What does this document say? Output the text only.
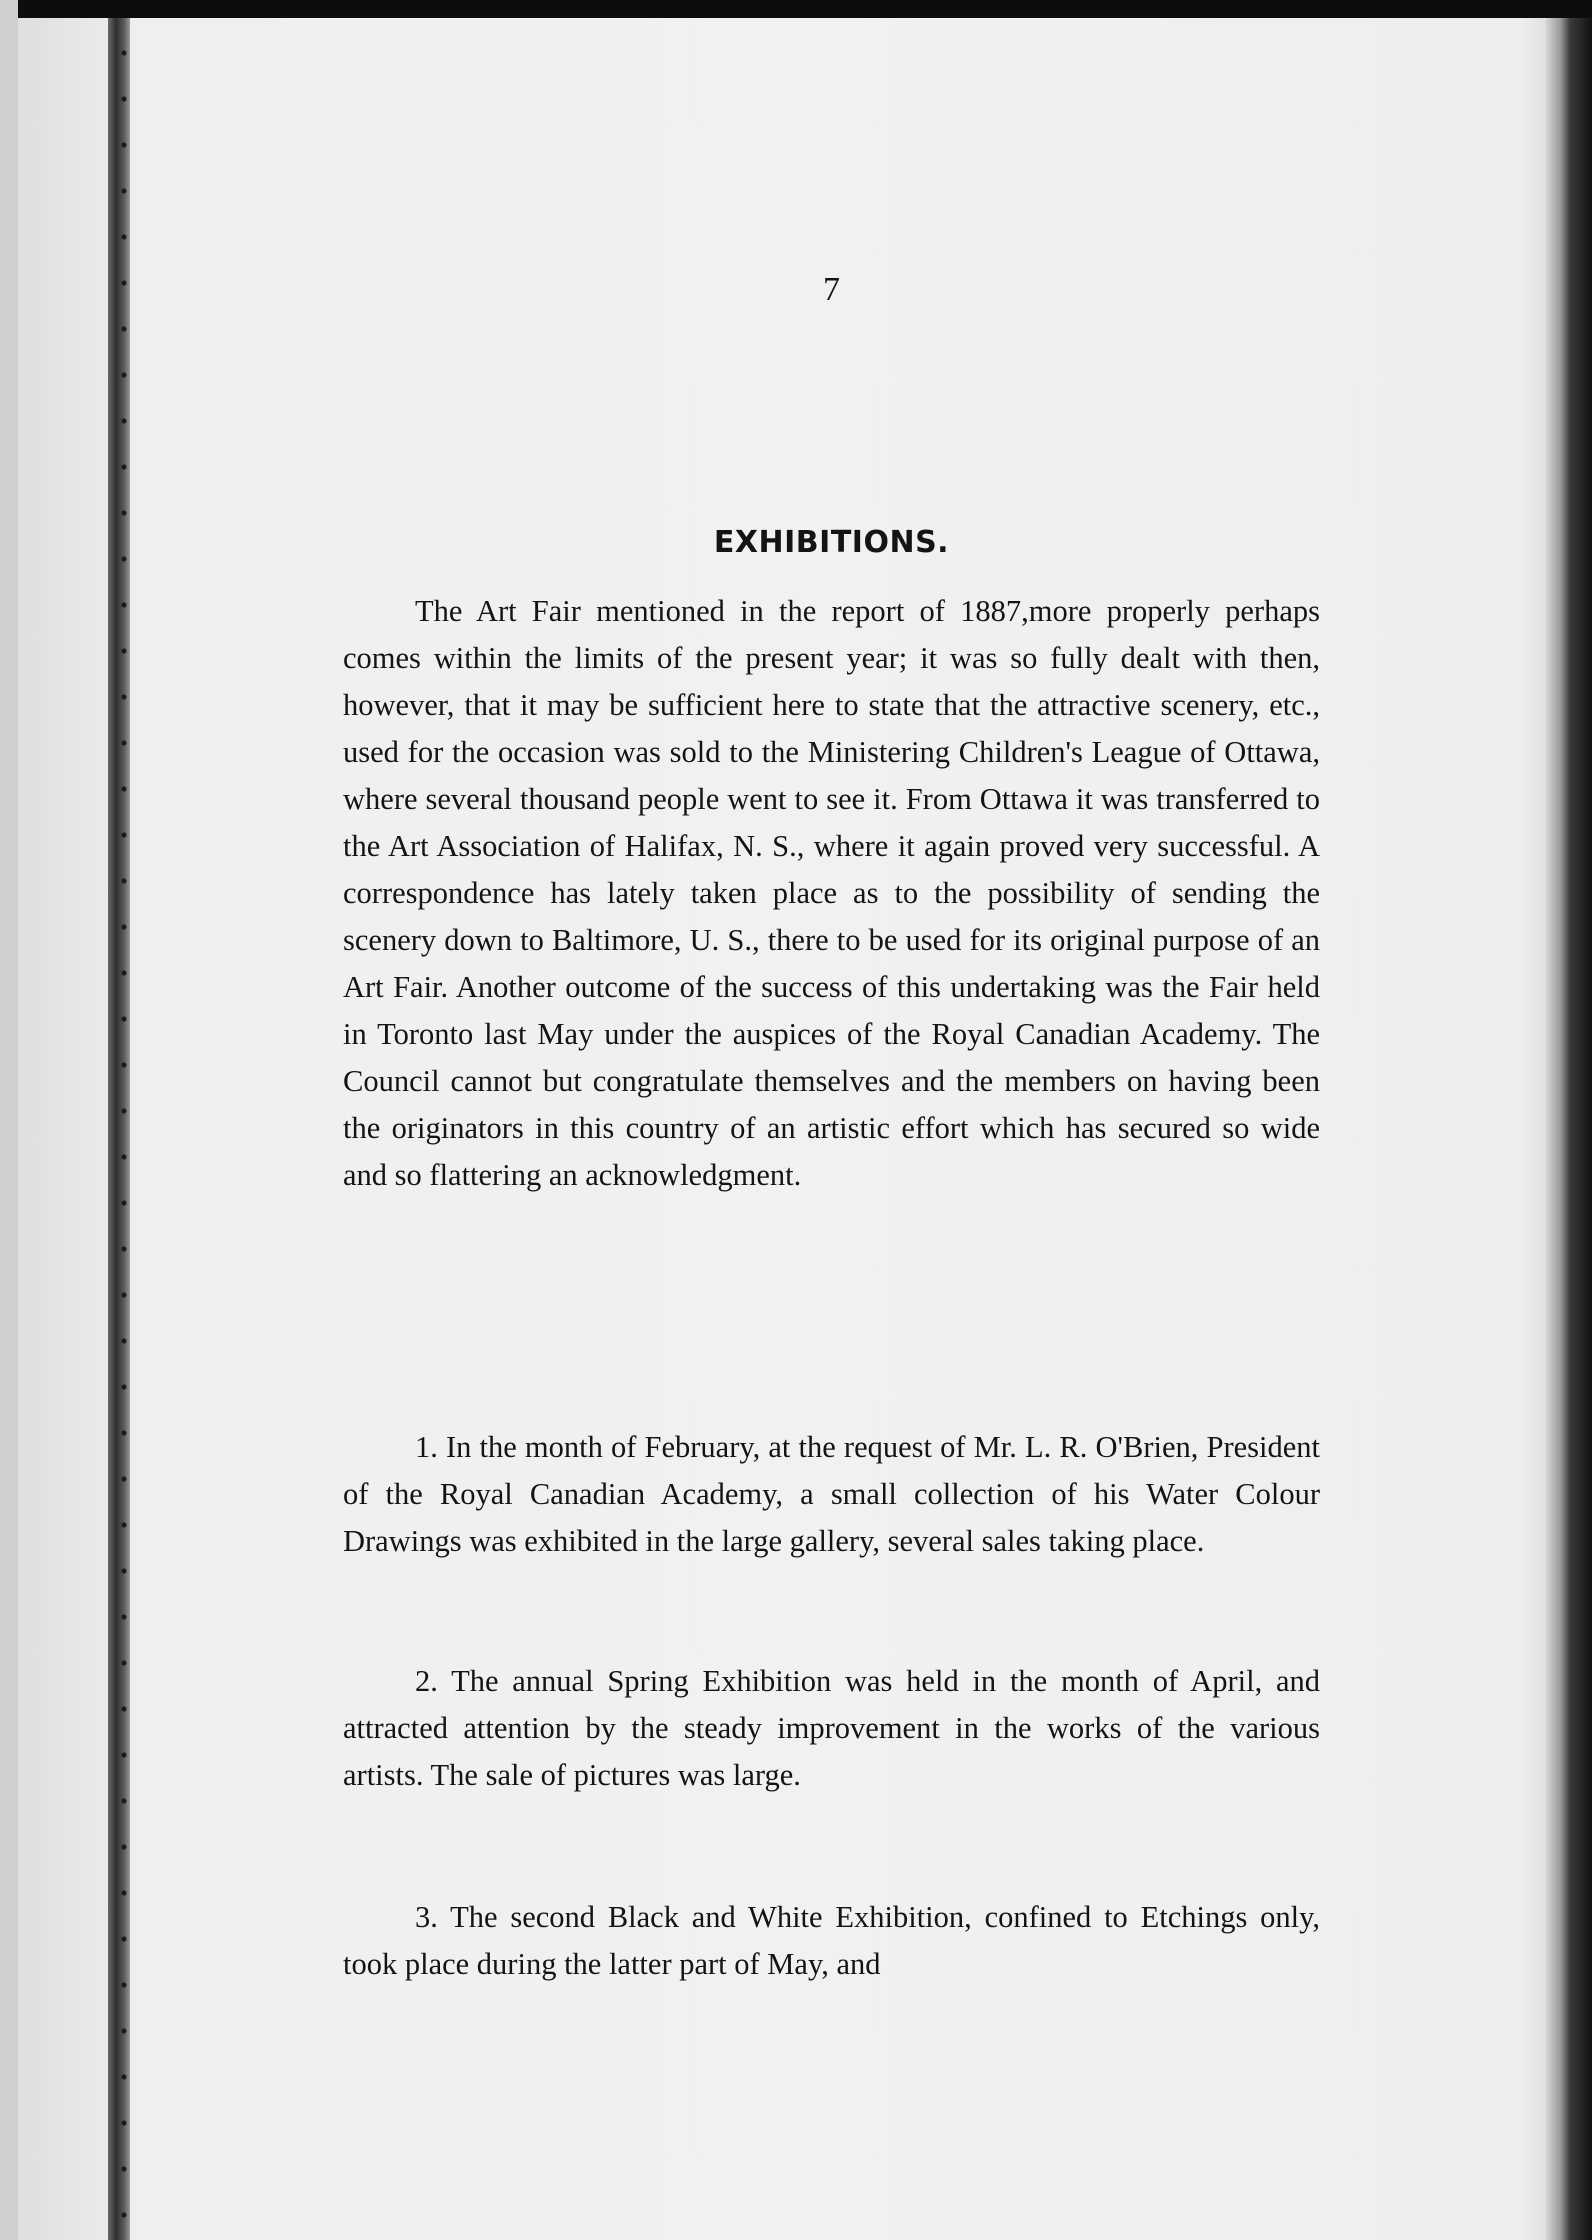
7
EXHIBITIONS.

The Art Fair mentioned in the report of 1887,more properly perhaps comes within the limits of the present year; it was so fully dealt with then, however, that it may be sufficient here to state that the attractive scenery, etc., used for the occasion was sold to the Ministering Children's League of Ottawa, where several thousand people went to see it. From Ottawa it was transferred to the Art Association of Halifax, N. S., where it again proved very successful. A correspondence has lately taken place as to the possibility of sending the scenery down to Baltimore, U. S., there to be used for its original purpose of an Art Fair. Another outcome of the success of this undertaking was the Fair held in Toronto last May under the auspices of the Royal Canadian Academy. The Council cannot but congratulate themselves and the members on having been the originators in this country of an artistic effort which has secured so wide and so flattering an acknowledgment.

1. In the month of February, at the request of Mr. L. R. O'Brien, President of the Royal Canadian Academy, a small collection of his Water Colour Drawings was exhibited in the large gallery, several sales taking place.

2. The annual Spring Exhibition was held in the month of April, and attracted attention by the steady improvement in the works of the various artists. The sale of pictures was large.

3. The second Black and White Exhibition, confined to Etchings only, took place during the latter part of May, and
